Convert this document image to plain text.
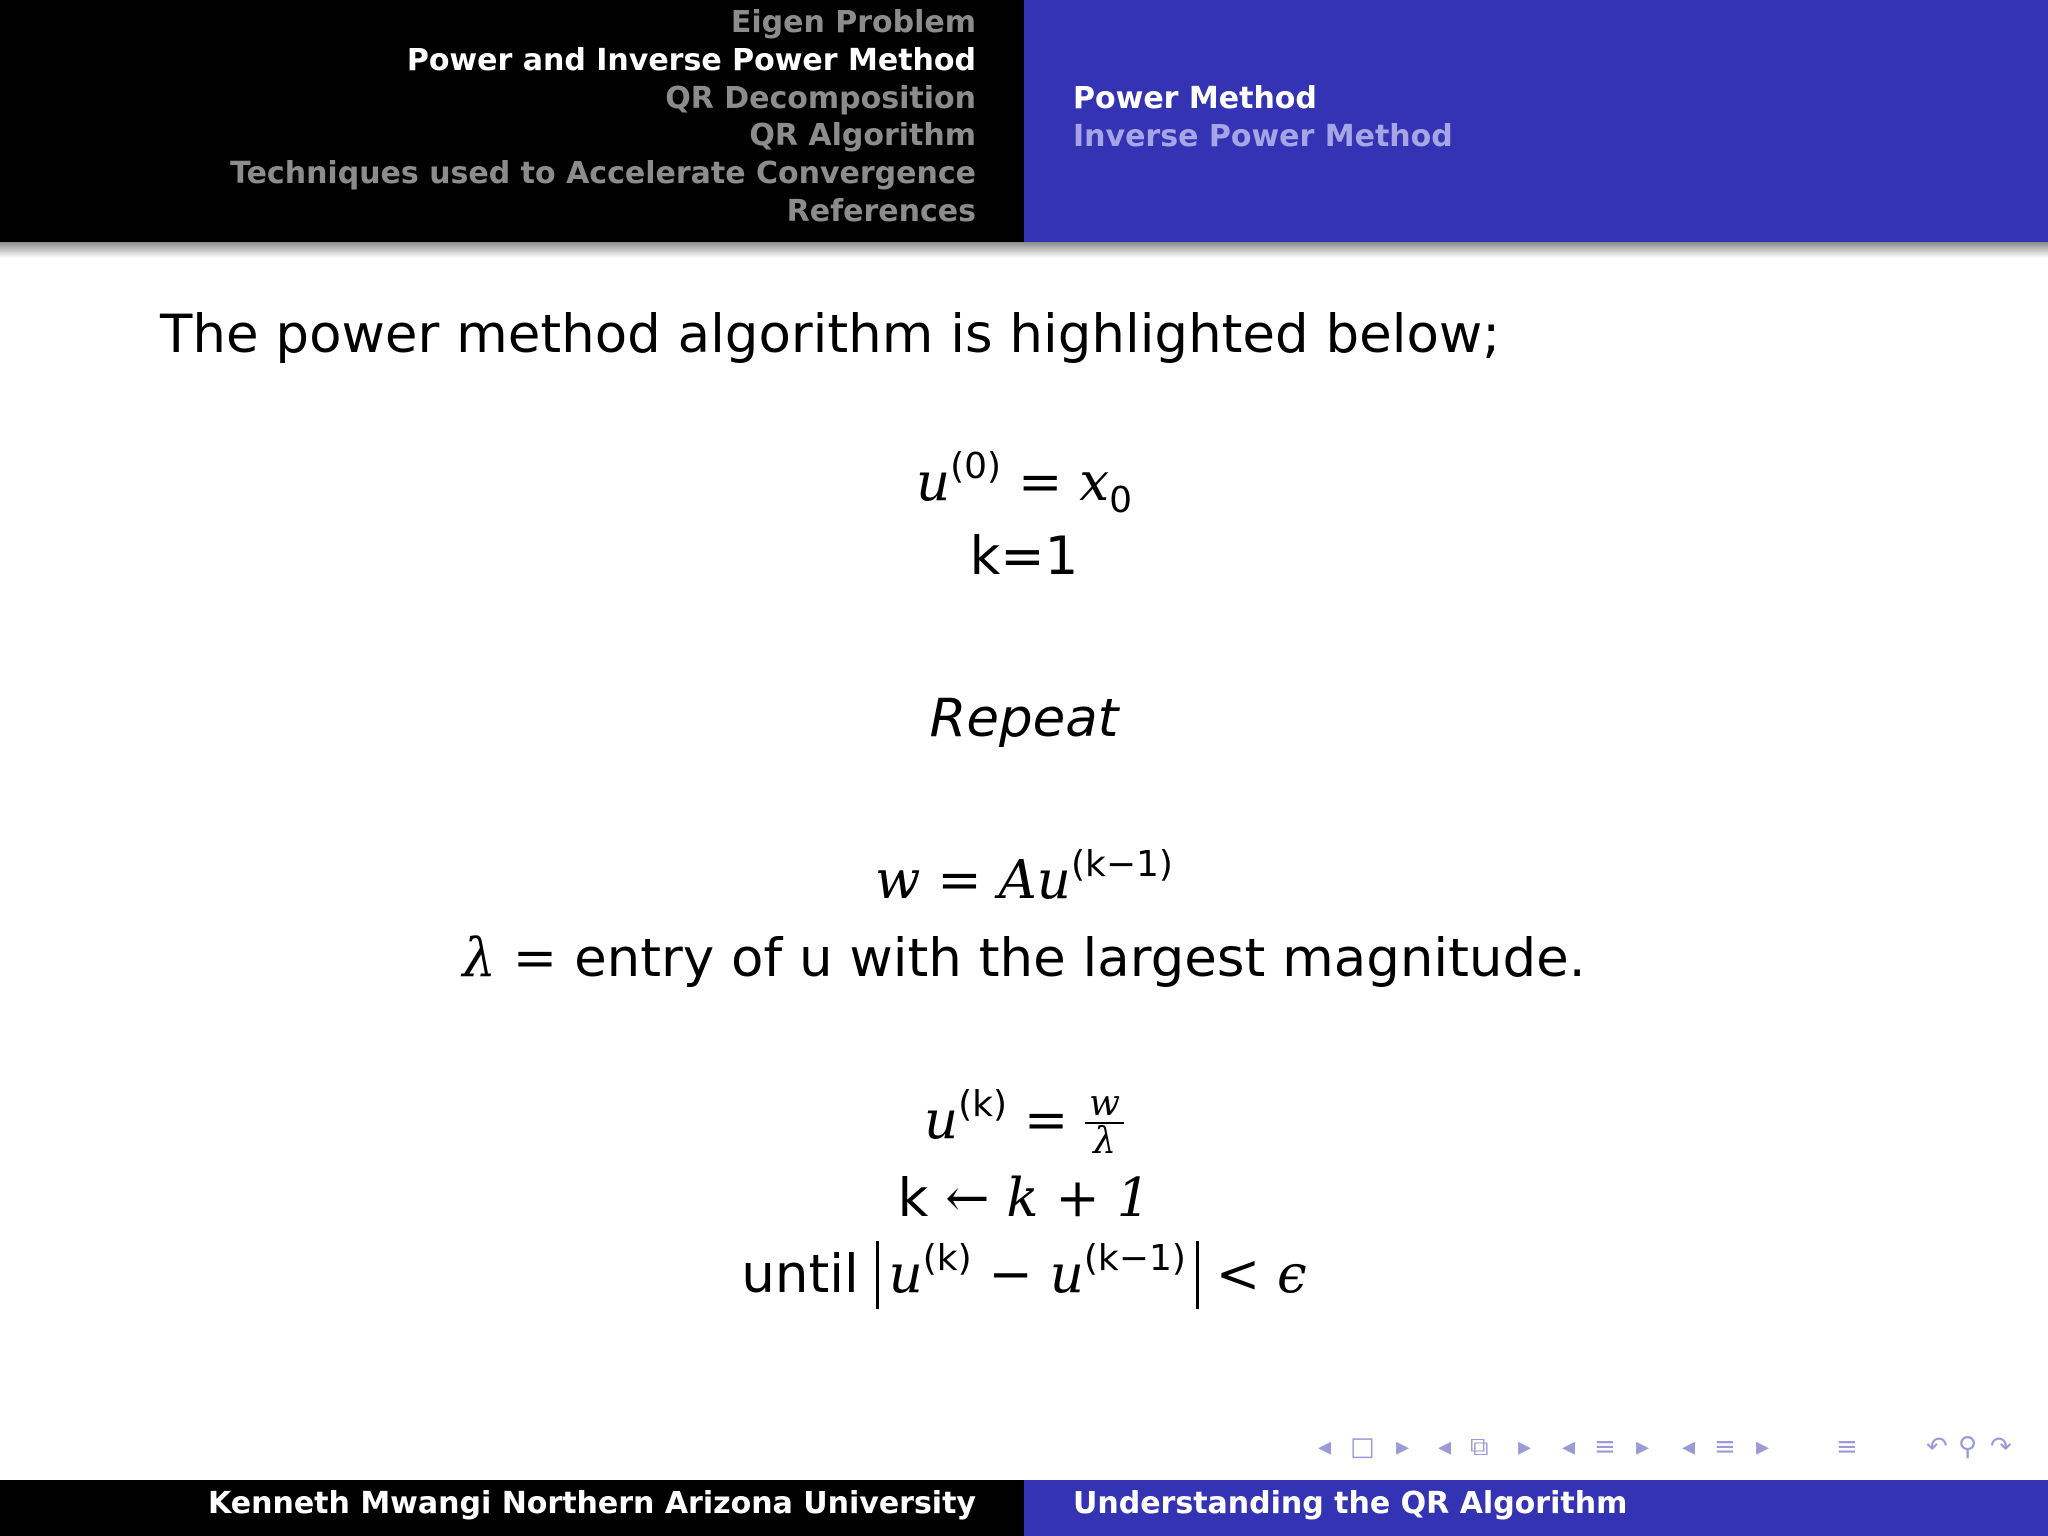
Eigen Problem
Power and Inverse Power Method
QR Decomposition
QR Algorithm
Techniques used to Accelerate Convergence
References
Power Method
Inverse Power Method
The power method algorithm is highlighted below;
$u^{(0)} = x_0$
k=1
Repeat
$w = Au^{(k-1)}$
λ = entry of u with the largest magnitude.
$u^{(k)} = \frac{w}{\lambda}$
k ← k + 1
until $u^{(k)} - u^{(k-1)} < \epsilon$
◂ □ ▸ ◂ ⧉ ▸ ◂ ≡ ▸ ◂ ≡ ▸	≡	↶ ⚲ ↷
Kenneth Mwangi Northern Arizona University	Understanding the QR Algorithm
